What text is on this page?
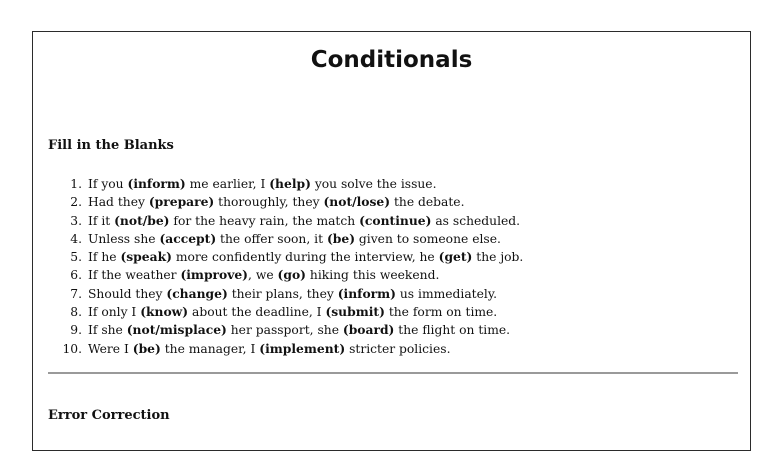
Conditionals
Fill in the Blanks
1. If you (inform) me earlier, I (help) you solve the issue.
2. Had they (prepare) thoroughly, they (not/lose) the debate.
3. If it (not/be) for the heavy rain, the match (continue) as scheduled.
4. Unless she (accept) the offer soon, it (be) given to someone else.
5. If he (speak) more confidently during the interview, he (get) the job.
6. If the weather (improve), we (go) hiking this weekend.
7. Should they (change) their plans, they (inform) us immediately.
8. If only I (know) about the deadline, I (submit) the form on time.
9. If she (not/misplace) her passport, she (board) the flight on time.
10. Were I (be) the manager, I (implement) stricter policies.
Error Correction
